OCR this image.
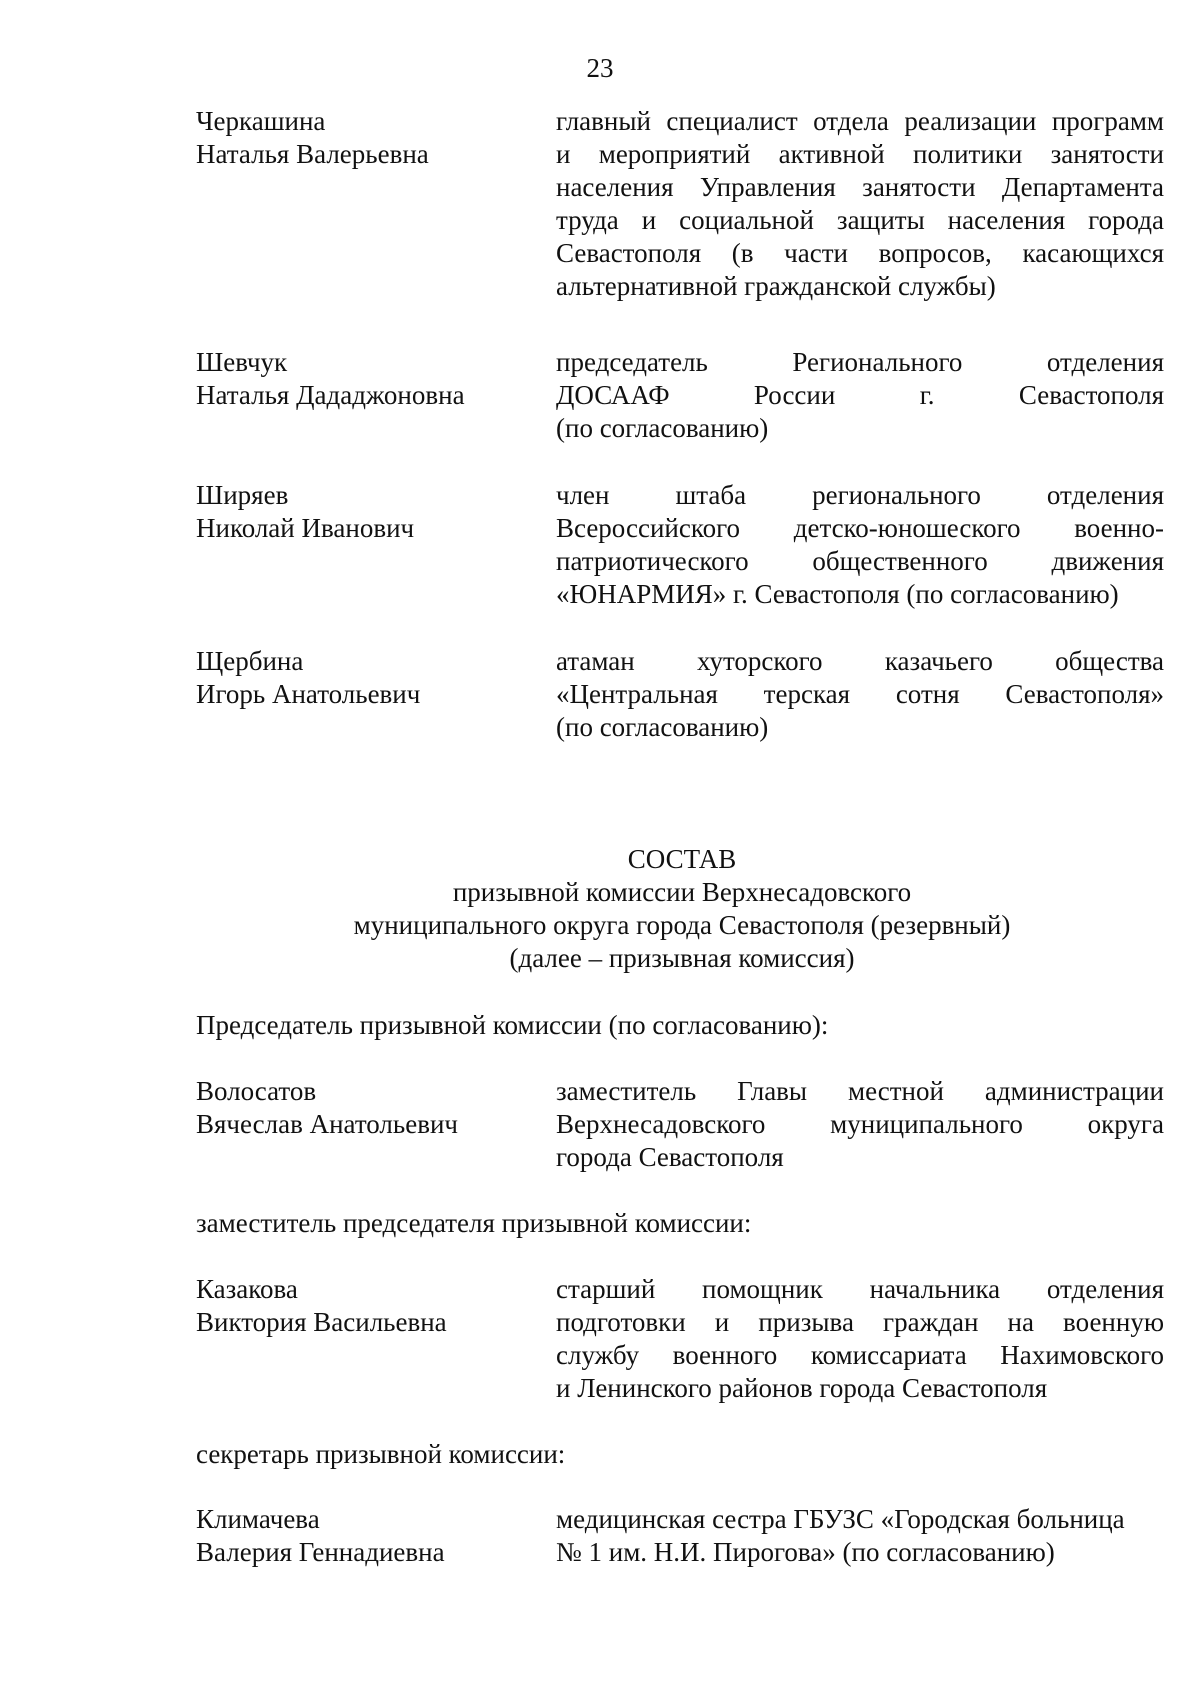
23
Черкашина
Наталья Валерьевна
главный специалист отдела реализации программ
и мероприятий активной политики занятости
населения Управления занятости Департамента
труда и социальной защиты населения города
Севастополя (в части вопросов, касающихся
альтернативной гражданской службы)
Шевчук
Наталья Дададжоновна
председатель Регионального отделения
ДОСААФ России г. Севастополя
(по согласованию)
Ширяев
Николай Иванович
член штаба регионального отделения
Всероссийского детско-юношеского военно-
патриотического общественного движения
«ЮНАРМИЯ» г. Севастополя (по согласованию)
Щербина
Игорь Анатольевич
атаман хуторского казачьего общества
«Центральная терская сотня Севастополя»
(по согласованию)
СОСТАВ
призывной комиссии Верхнесадовского
муниципального округа города Севастополя (резервный)
(далее – призывная комиссия)
Председатель призывной комиссии (по согласованию):
Волосатов
Вячеслав Анатольевич
заместитель Главы местной администрации
Верхнесадовского муниципального округа
города Севастополя
заместитель председателя призывной комиссии:
Казакова
Виктория Васильевна
старший помощник начальника отделения
подготовки и призыва граждан на военную
службу военного комиссариата Нахимовского
и Ленинского районов города Севастополя
секретарь призывной комиссии:
Климачева
Валерия Геннадиевна
медицинская сестра ГБУЗС «Городская больница
№ 1 им. Н.И. Пирогова» (по согласованию)
